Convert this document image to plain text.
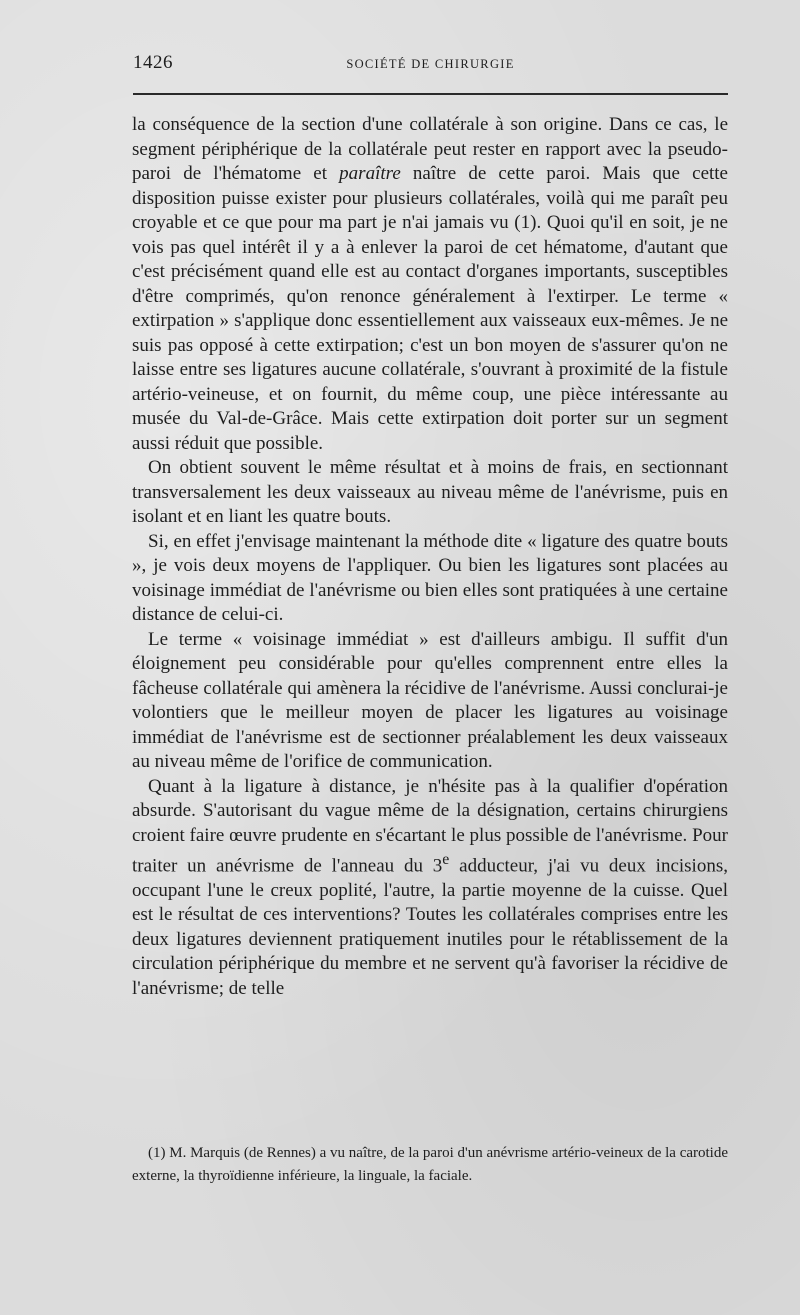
1426	SOCIÉTÉ DE CHIRURGIE

la conséquence de la section d'une collatérale à son origine. Dans ce cas, le segment périphérique de la collatérale peut rester en rapport avec la pseudo-paroi de l'hématome et paraître naître de cette paroi. Mais que cette disposition puisse exister pour plusieurs collatérales, voilà qui me paraît peu croyable et ce que pour ma part je n'ai jamais vu (1). Quoi qu'il en soit, je ne vois pas quel intérêt il y a à enlever la paroi de cet hématome, d'autant que c'est précisément quand elle est au contact d'organes importants, susceptibles d'être comprimés, qu'on renonce généralement à l'extirper. Le terme « extirpation » s'applique donc essentiellement aux vaisseaux eux-mêmes. Je ne suis pas opposé à cette extirpation; c'est un bon moyen de s'assurer qu'on ne laisse entre ses ligatures aucune collatérale, s'ouvrant à proximité de la fistule artério-veineuse, et on fournit, du même coup, une pièce intéressante au musée du Val-de-Grâce. Mais cette extirpation doit porter sur un segment aussi réduit que possible.

On obtient souvent le même résultat et à moins de frais, en sectionnant transversalement les deux vaisseaux au niveau même de l'anévrisme, puis en isolant et en liant les quatre bouts.

Si, en effet j'envisage maintenant la méthode dite « ligature des quatre bouts », je vois deux moyens de l'appliquer. Ou bien les ligatures sont placées au voisinage immédiat de l'anévrisme ou bien elles sont pratiquées à une certaine distance de celui-ci.

Le terme « voisinage immédiat » est d'ailleurs ambigu. Il suffit d'un éloignement peu considérable pour qu'elles comprennent entre elles la fâcheuse collatérale qui amènera la récidive de l'anévrisme. Aussi conclurai-je volontiers que le meilleur moyen de placer les ligatures au voisinage immédiat de l'anévrisme est de sectionner préalablement les deux vaisseaux au niveau même de l'orifice de communication.

Quant à la ligature à distance, je n'hésite pas à la qualifier d'opération absurde. S'autorisant du vague même de la désignation, certains chirurgiens croient faire œuvre prudente en s'écartant le plus possible de l'anévrisme. Pour traiter un anévrisme de l'anneau du 3e adducteur, j'ai vu deux incisions, occupant l'une le creux poplité, l'autre, la partie moyenne de la cuisse. Quel est le résultat de ces interventions? Toutes les collatérales comprises entre les deux ligatures deviennent pratiquement inutiles pour le rétablissement de la circulation périphérique du membre et ne servent qu'à favoriser la récidive de l'anévrisme; de telle

(1) M. Marquis (de Rennes) a vu naître, de la paroi d'un anévrisme artério-veineux de la carotide externe, la thyroïdienne inférieure, la linguale, la faciale.
